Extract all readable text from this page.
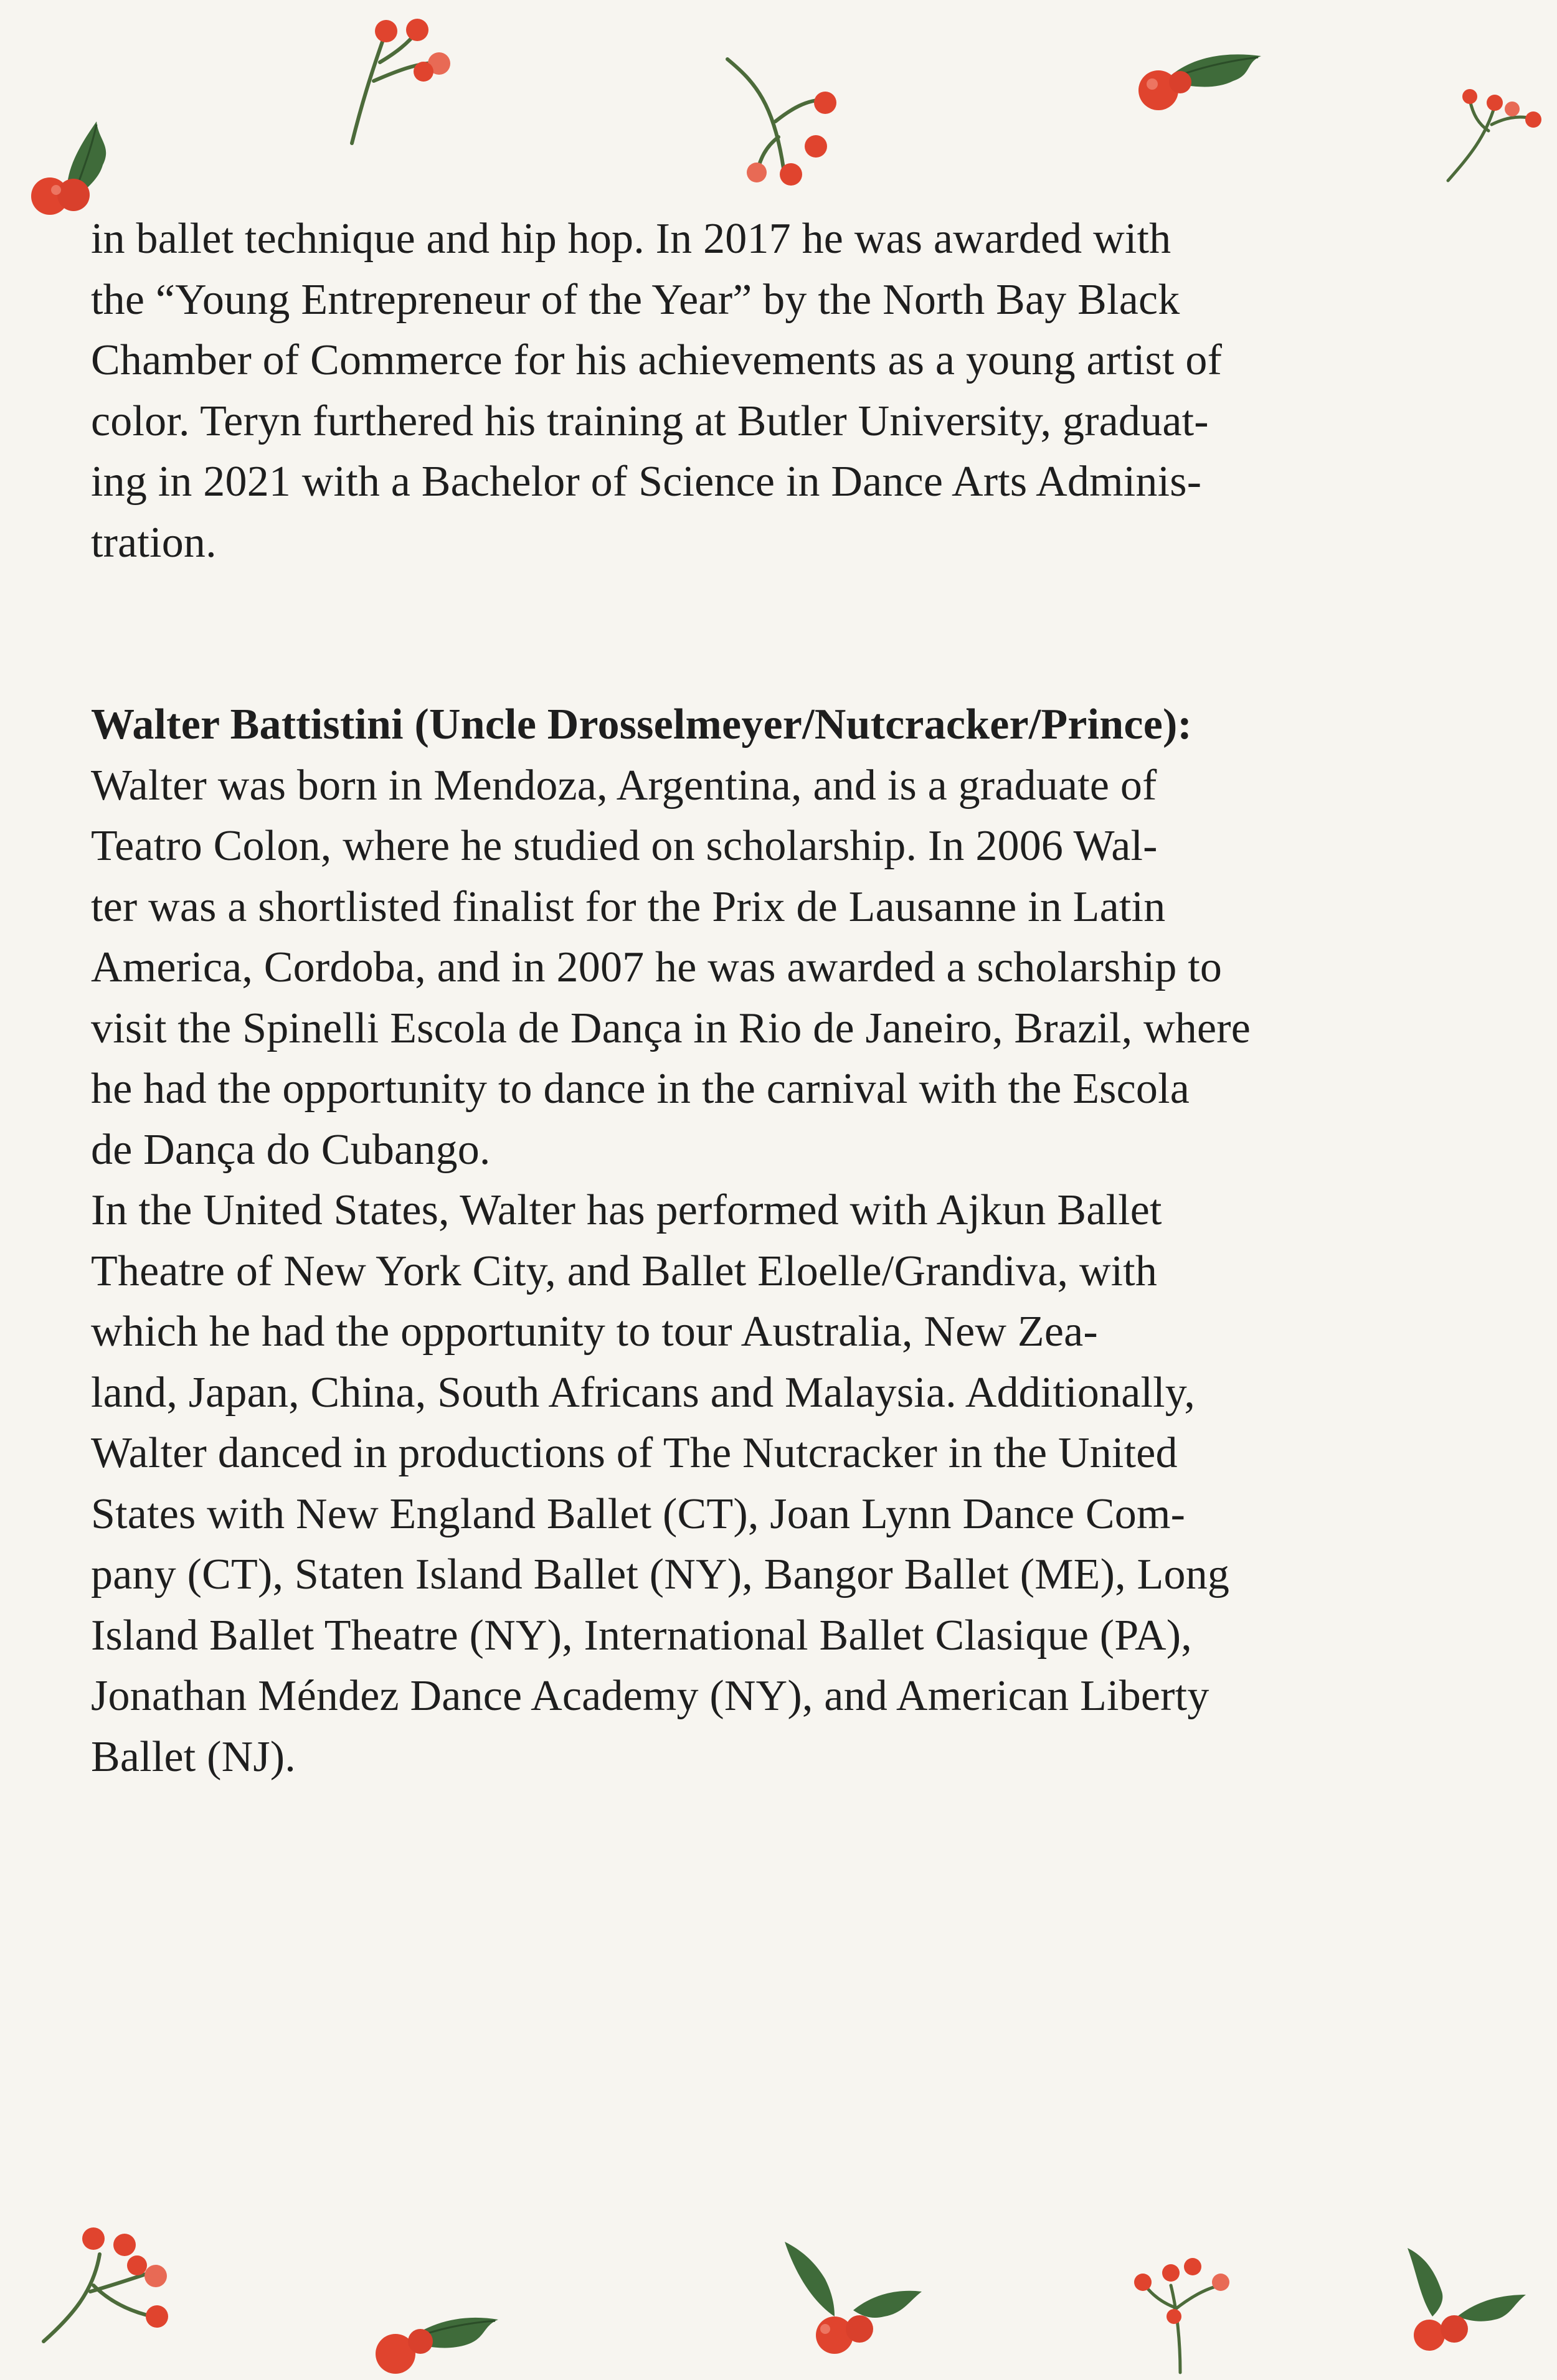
in ballet technique and hip hop. In 2017 he was awarded with
the “Young Entrepreneur of the Year” by the North Bay Black
Chamber of Commerce for his achievements as a young artist of
color. Teryn furthered his training at Butler University, graduat-
ing in 2021 with a Bachelor of Science in Dance Arts Adminis-
tration.

Walter Battistini (Uncle Drosselmeyer/Nutcracker/Prince):

Walter was born in Mendoza, Argentina, and is a graduate of
Teatro Colon, where he studied on scholarship. In 2006 Wal-
ter was a shortlisted finalist for the Prix de Lausanne in Latin
America, Cordoba, and in 2007 he was awarded a scholarship to
visit the Spinelli Escola de Dança in Rio de Janeiro, Brazil, where
he had the opportunity to dance in the carnival with the Escola
de Dança do Cubango.

In the United States, Walter has performed with Ajkun Ballet
Theatre of New York City, and Ballet Eloelle/Grandiva, with
which he had the opportunity to tour Australia, New Zea-
land, Japan, China, South Africans and Malaysia. Additionally,
Walter danced in productions of The Nutcracker in the United
States with New England Ballet (CT), Joan Lynn Dance Com-
pany (CT), Staten Island Ballet (NY), Bangor Ballet (ME), Long
Island Ballet Theatre (NY), International Ballet Clasique (PA),
Jonathan Méndez Dance Academy (NY), and American Liberty
Ballet (NJ).
